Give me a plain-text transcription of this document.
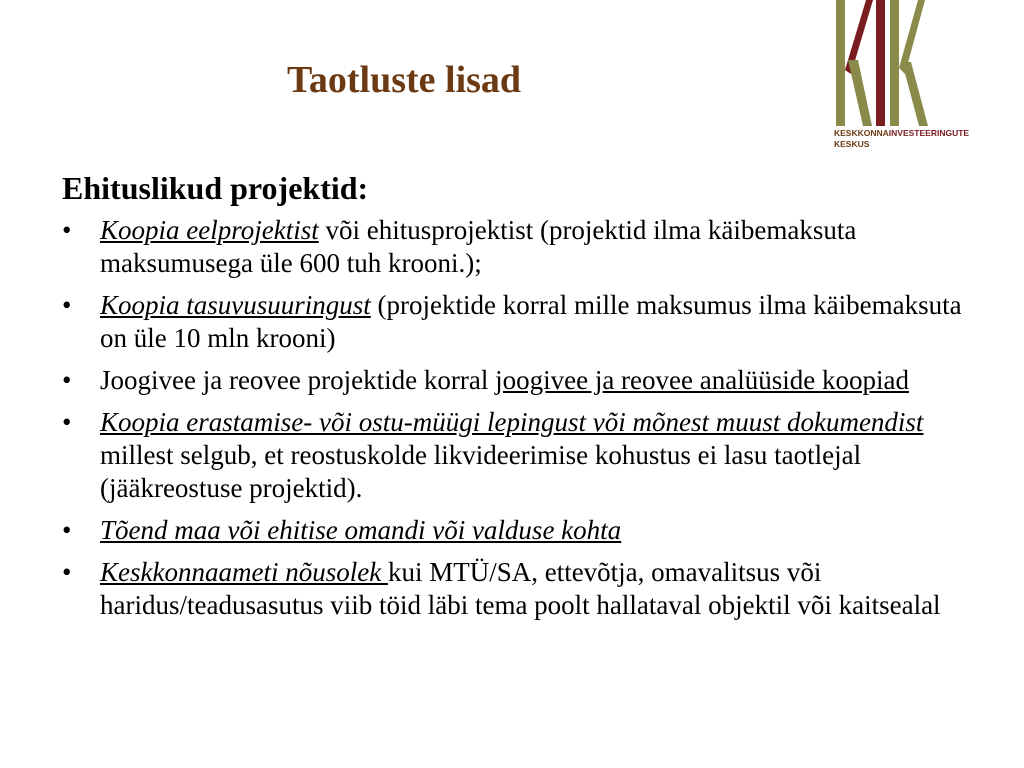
Taotluste lisad
KESKKONNAINVESTEERINGUTE
KESKUS

Ehituslikud projektid:

• Koopia eelprojektist või ehitusprojektist (projektid ilma käibemaksuta maksumusega üle 600 tuh krooni.);
• Koopia tasuvusuuringust (projektide korral mille maksumus ilma käibemaksuta on üle 10 mln krooni)
• Joogivee ja reovee projektide korral joogivee ja reovee analüüside koopiad
• Koopia erastamise- või ostu-müügi lepingust või mõnest muust dokumendist millest selgub, et reostuskolde likvideerimise kohustus ei lasu taotlejal (jääkreostuse projektid).
• Tõend maa või ehitise omandi või valduse kohta
• Keskkonnaameti nõusolek kui MTÜ/SA, ettevõtja, omavalitsus või haridus/teadusasutus viib töid läbi tema poolt hallataval objektil või kaitsealal
